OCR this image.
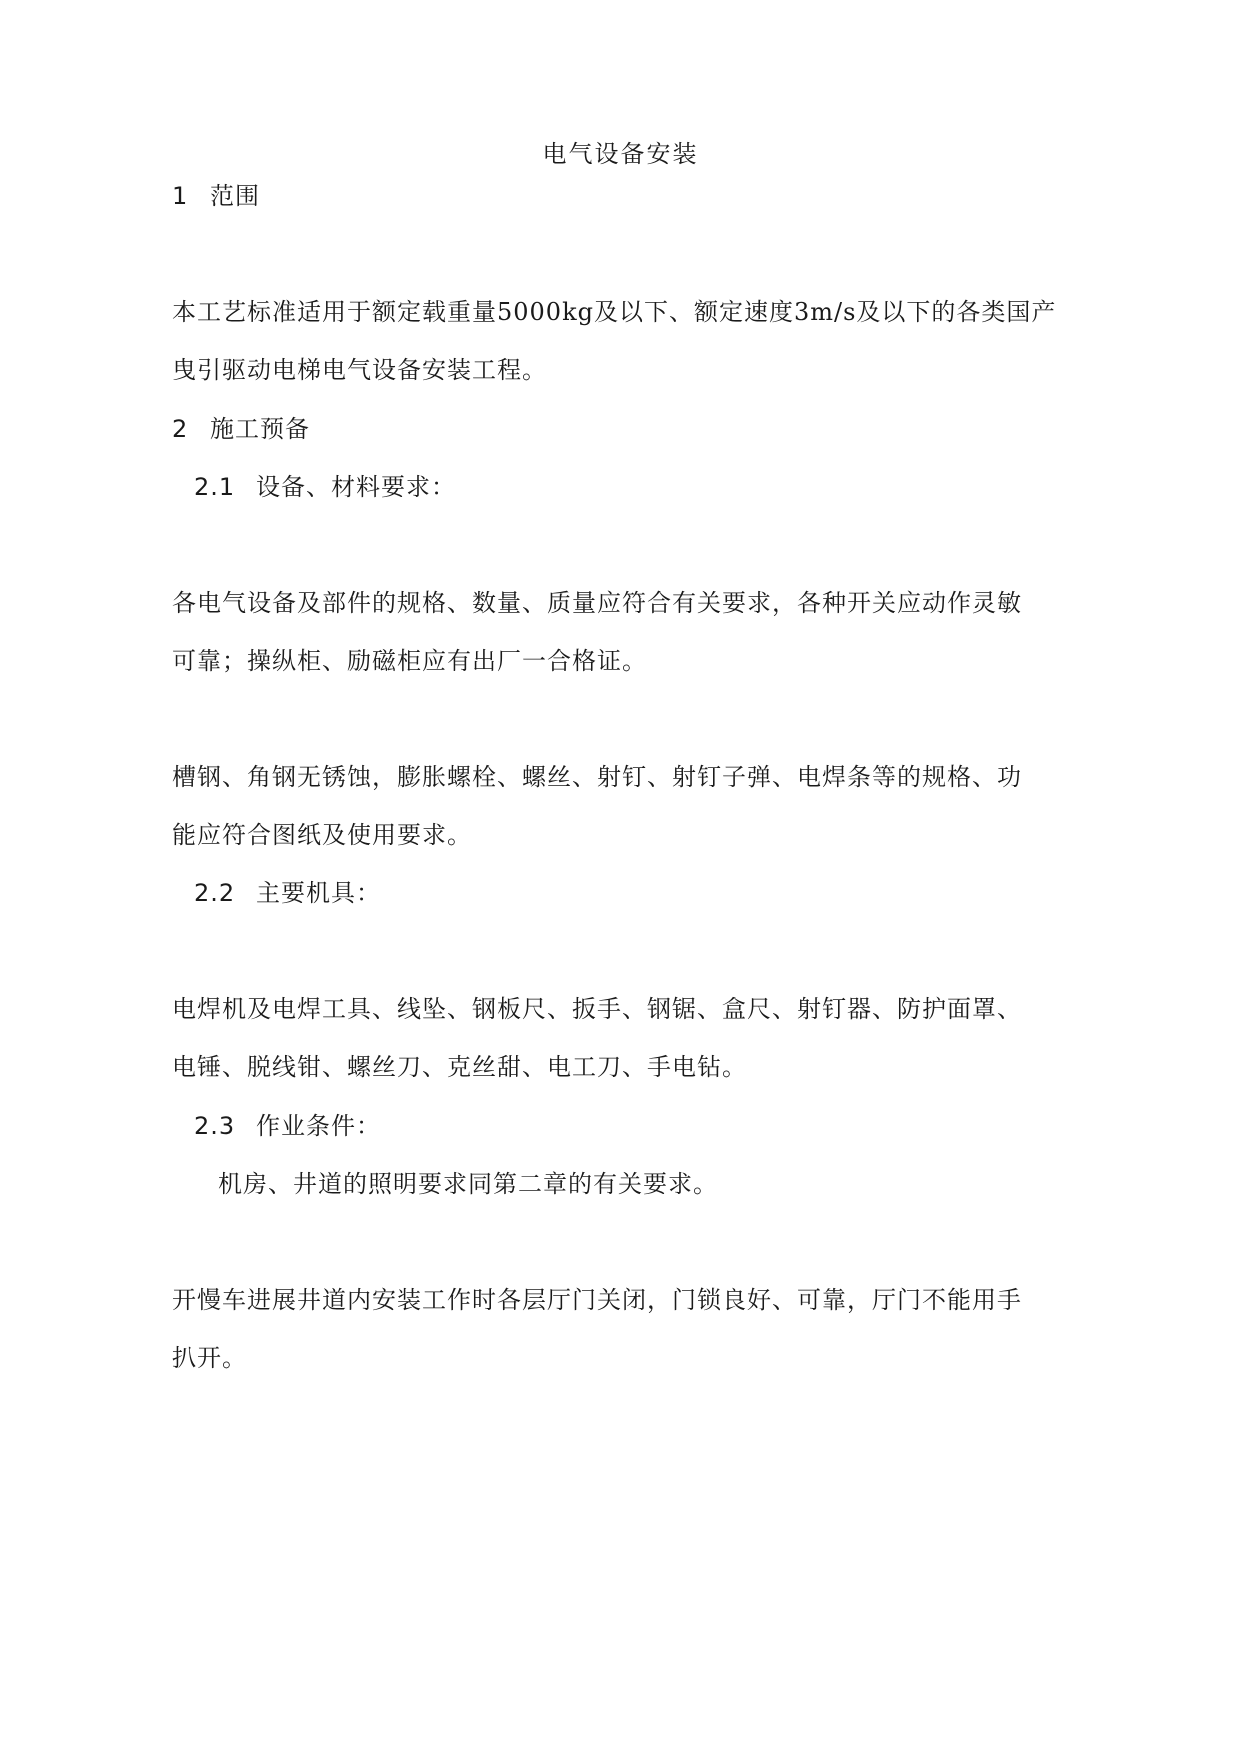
电气设备安装
1 范围
本工艺标准适用于额定载重量5000kg及以下、额定速度3m/s及以下的各类国产
曳引驱动电梯电气设备安装工程。
2 施工预备
2.1 设备、材料要求：
各电气设备及部件的规格、数量、质量应符合有关要求，各种开关应动作灵敏
可靠；操纵柜、励磁柜应有出厂一合格证。
槽钢、角钢无锈蚀，膨胀螺栓、螺丝、射钉、射钉子弹、电焊条等的规格、功
能应符合图纸及使用要求。
2.2 主要机具：
电焊机及电焊工具、线坠、钢板尺、扳手、钢锯、盒尺、射钉器、防护面罩、
电锤、脱线钳、螺丝刀、克丝甜、电工刀、手电钻。
2.3 作业条件：
机房、井道的照明要求同第二章的有关要求。
开慢车进展井道内安装工作时各层厅门关闭，门锁良好、可靠，厅门不能用手
扒开。
